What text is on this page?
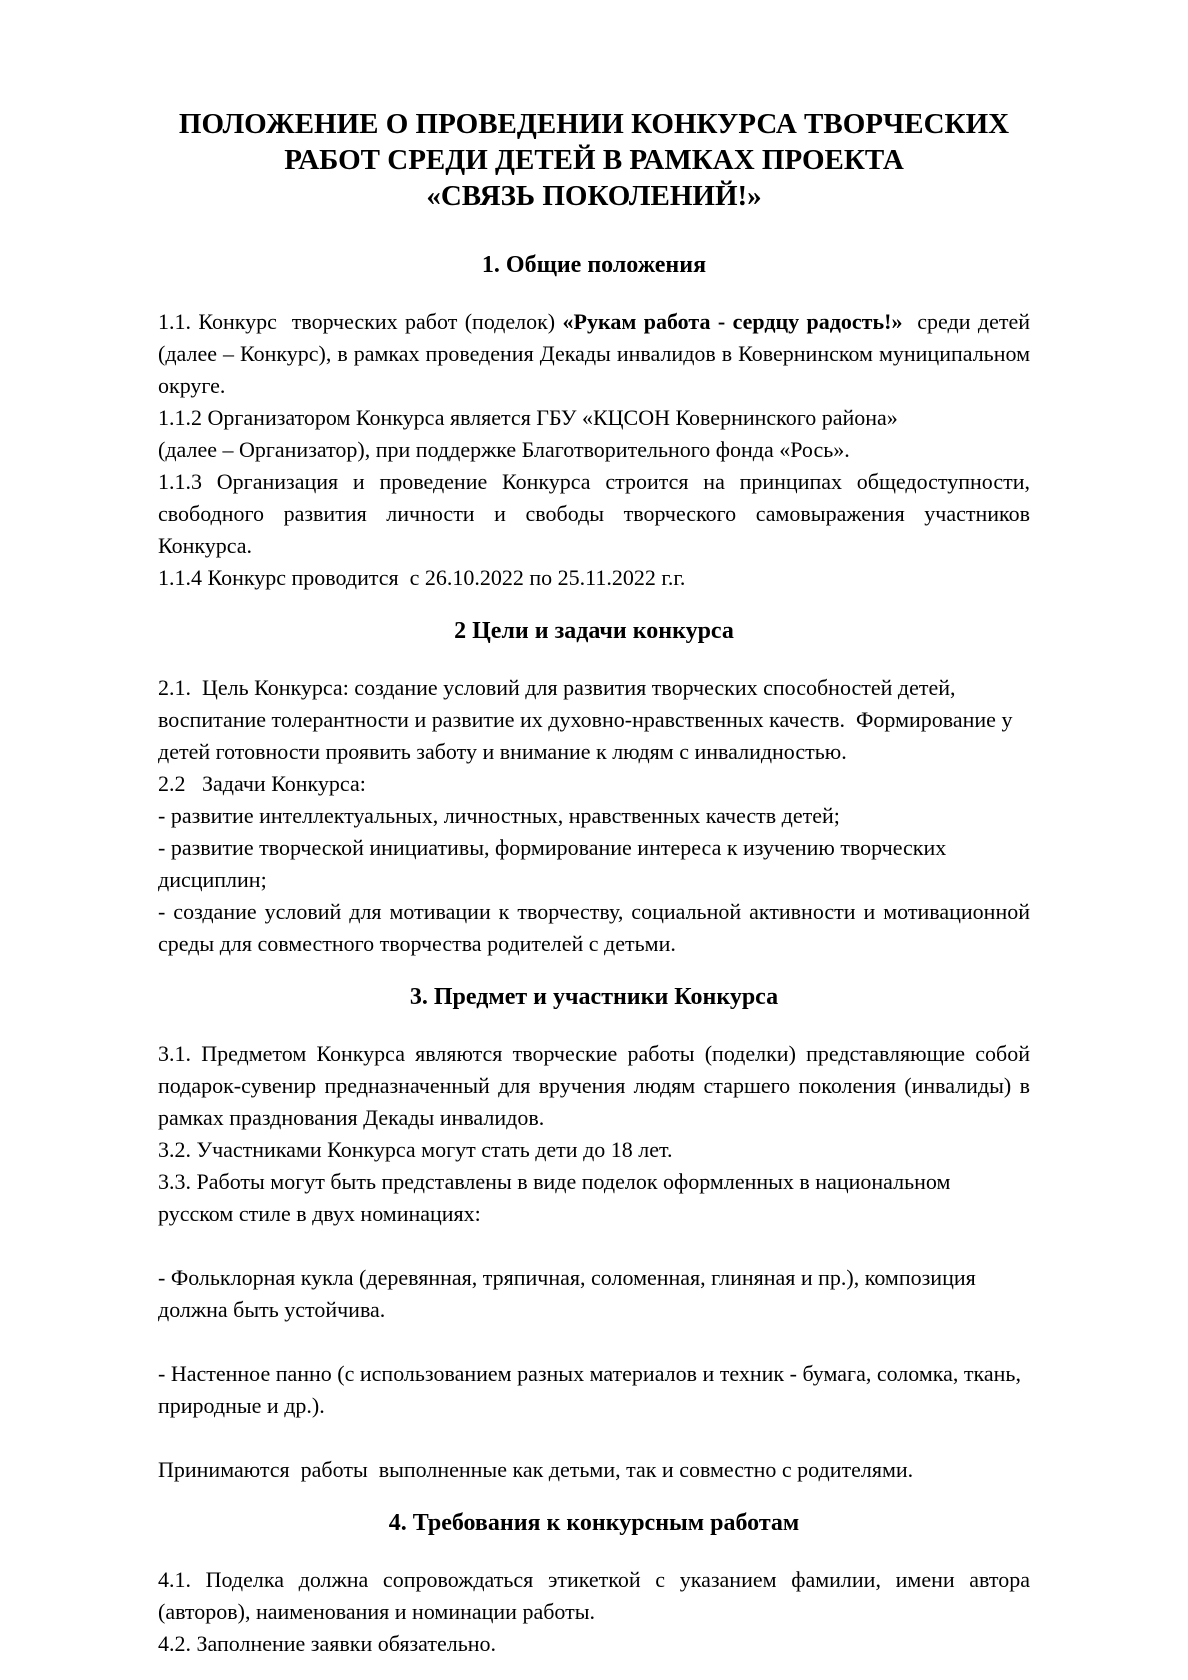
ПОЛОЖЕНИЕ О ПРОВЕДЕНИИ КОНКУРСА ТВОРЧЕСКИХ
РАБОТ СРЕДИ ДЕТЕЙ В РАМКАХ ПРОЕКТА
«СВЯЗЬ ПОКОЛЕНИЙ!»
1. Общие положения

1.1. Конкурс  творческих работ (поделок) «Рукам работа - сердцу радость!»  среди детей (далее – Конкурс), в рамках проведения Декады инвалидов в Ковернинском муниципальном округе.

1.1.2 Организатором Конкурса является ГБУ «КЦСОН Ковернинского района»

(далее – Организатор), при поддержке Благотворительного фонда «Рось».

1.1.3 Организация и проведение Конкурса строится на принципах общедоступности, свободного развития личности и свободы творческого самовыражения участников Конкурса.

1.1.4 Конкурс проводится  с 26.10.2022 по 25.11.2022 г.г.

2 Цели и задачи конкурса

2.1.  Цель Конкурса: создание условий для развития творческих способностей детей, воспитание толерантности и развитие их духовно-нравственных качеств.  Формирование у детей готовности проявить заботу и внимание к людям с инвалидностью.

2.2   Задачи Конкурса:

- развитие интеллектуальных, личностных, нравственных качеств детей;

- развитие творческой инициативы, формирование интереса к изучению творческих дисциплин;

- создание условий для мотивации к творчеству, социальной активности и мотивационной среды для совместного творчества родителей с детьми.

3. Предмет и участники Конкурса

3.1. Предметом Конкурса являются творческие работы (поделки) представляющие собой подарок-сувенир предназначенный для вручения людям старшего поколения (инвалиды) в рамках празднования Декады инвалидов.

3.2. Участниками Конкурса могут стать дети до 18 лет.

3.3. Работы могут быть представлены в виде поделок оформленных в национальном русском стиле в двух номинациях:

- Фольклорная кукла (деревянная, тряпичная, соломенная, глиняная и пр.), композиция должна быть устойчива.

- Настенное панно (с использованием разных материалов и техник - бумага, соломка, ткань, природные и др.).

Принимаются  работы  выполненные как детьми, так и совместно с родителями.

4. Требования к конкурсным работам

4.1. Поделка должна сопровождаться этикеткой с указанием фамилии, имени автора (авторов), наименования и номинации работы.

4.2. Заполнение заявки обязательно.
